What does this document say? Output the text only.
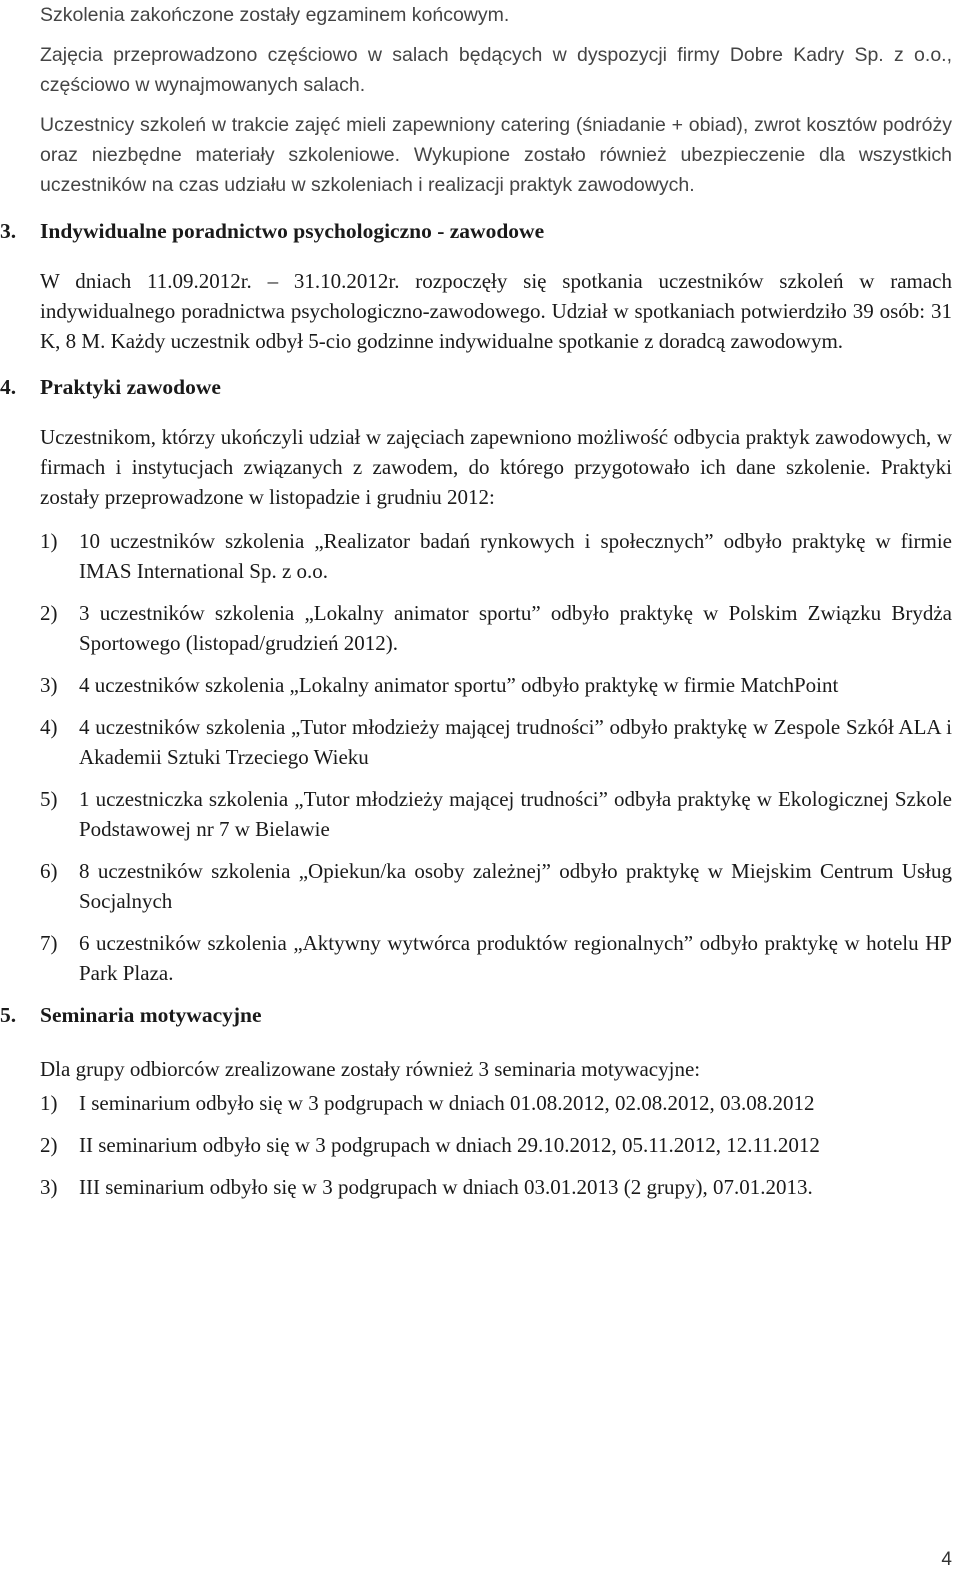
Szkolenia zakończone zostały egzaminem końcowym.

Zajęcia przeprowadzono częściowo w salach będących w dyspozycji firmy Dobre Kadry Sp. z o.o., częściowo w wynajmowanych salach.

Uczestnicy szkoleń w trakcie zajęć mieli zapewniony catering (śniadanie + obiad), zwrot kosztów podróży oraz niezbędne materiały szkoleniowe. Wykupione zostało również ubezpieczenie dla wszystkich uczestników na czas udziału w szkoleniach i realizacji praktyk zawodowych.

3. Indywidualne poradnictwo psychologiczno - zawodowe

W dniach 11.09.2012r. – 31.10.2012r. rozpoczęły się spotkania uczestników szkoleń w ramach indywidualnego poradnictwa psychologiczno-zawodowego. Udział w spotkaniach potwierdziło 39 osób: 31 K, 8 M. Każdy uczestnik odbył 5-cio godzinne indywidualne spotkanie z doradcą zawodowym.

4. Praktyki zawodowe

Uczestnikom, którzy ukończyli udział w zajęciach zapewniono możliwość odbycia praktyk zawodowych, w firmach i instytucjach związanych z zawodem, do którego przygotowało ich dane szkolenie. Praktyki zostały przeprowadzone w listopadzie i grudniu 2012:

1) 10 uczestników szkolenia „Realizator badań rynkowych i społecznych” odbyło praktykę w firmie IMAS International Sp. z o.o.
2) 3 uczestników szkolenia „Lokalny animator sportu” odbyło praktykę w Polskim Związku Brydża Sportowego (listopad/grudzień 2012).
3) 4 uczestników szkolenia „Lokalny animator sportu” odbyło praktykę w firmie MatchPoint
4) 4 uczestników szkolenia „Tutor młodzieży mającej trudności” odbyło praktykę w Zespole Szkół ALA i Akademii Sztuki Trzeciego Wieku
5) 1 uczestniczka szkolenia „Tutor młodzieży mającej trudności” odbyła praktykę w Ekologicznej Szkole Podstawowej nr 7 w Bielawie
6) 8 uczestników szkolenia „Opiekun/ka osoby zależnej” odbyło praktykę w Miejskim Centrum Usług Socjalnych
7) 6 uczestników szkolenia „Aktywny wytwórca produktów regionalnych” odbyło praktykę w hotelu HP Park Plaza.
5. Seminaria motywacyjne

Dla grupy odbiorców zrealizowane zostały również 3 seminaria motywacyjne:

1) I seminarium odbyło się w 3 podgrupach w dniach 01.08.2012, 02.08.2012, 03.08.2012
2) II seminarium odbyło się w 3 podgrupach w dniach 29.10.2012, 05.11.2012, 12.11.2012
3) III seminarium odbyło się w 3 podgrupach w dniach 03.01.2013 (2 grupy), 07.01.2013.
4
